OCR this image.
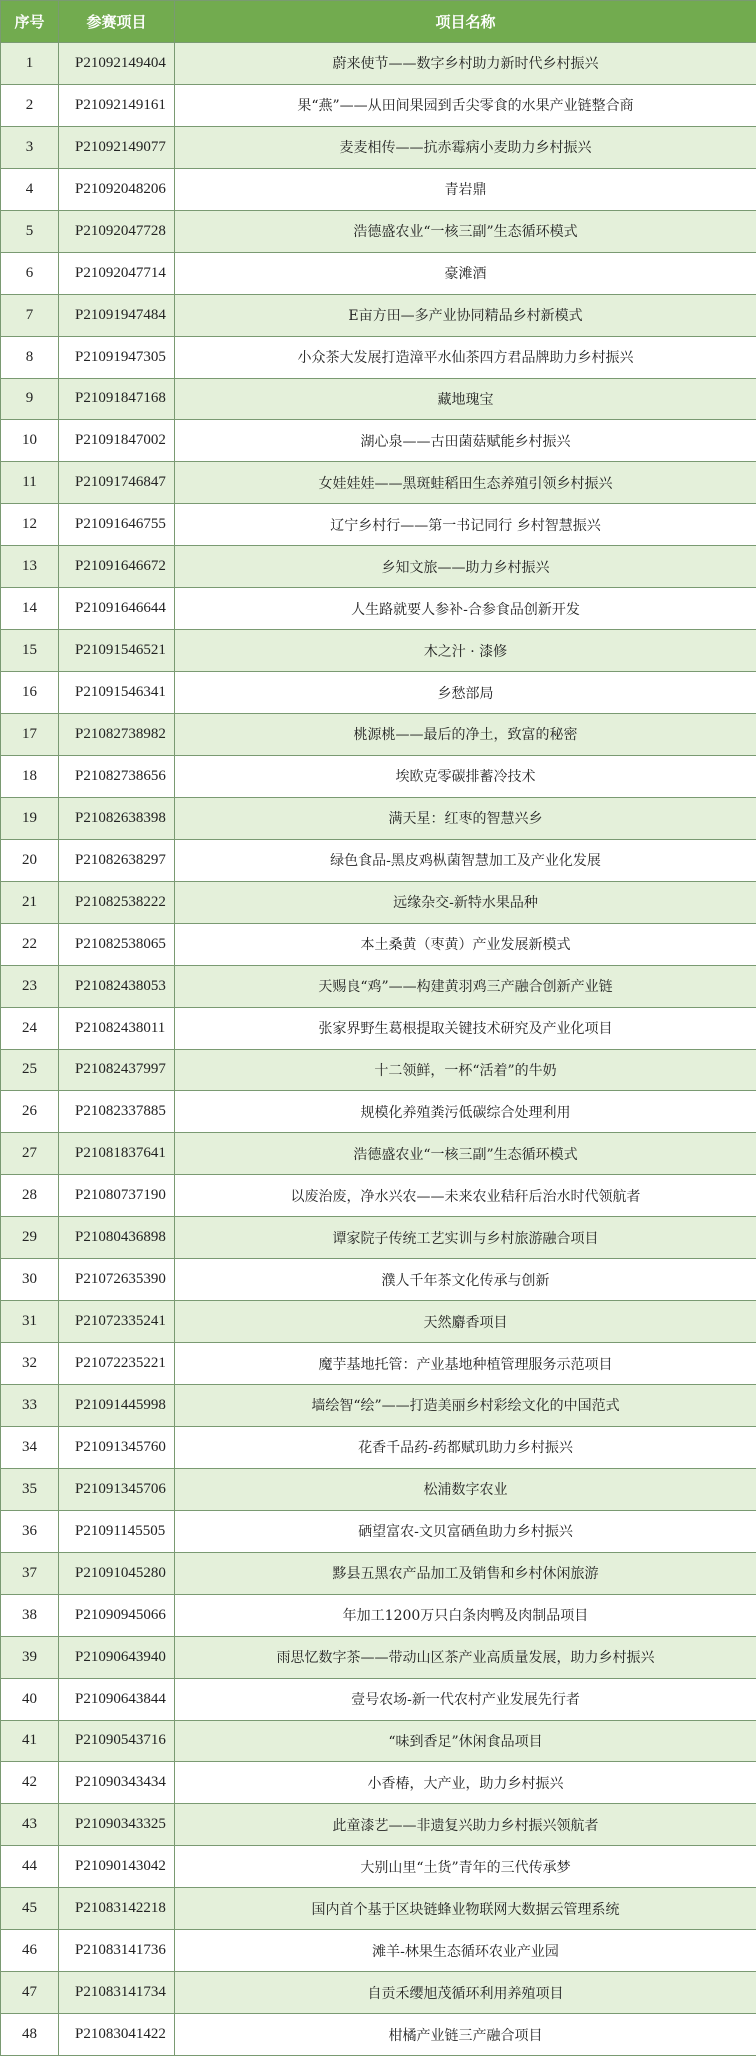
序号	参赛项目	项目名称
1	P21092149404	蔚来使节——数字乡村助力新时代乡村振兴
2	P21092149161	果“燕”——从田间果园到舌尖零食的水果产业链整合商
3	P21092149077	麦麦相传——抗赤霉病小麦助力乡村振兴
4	P21092048206	青岩鼎
5	P21092047728	浩德盛农业“一核三副”生态循环模式
6	P21092047714	豪滩酒
7	P21091947484	E亩方田—多产业协同精品乡村新模式
8	P21091947305	小众茶大发展打造漳平水仙茶四方君品牌助力乡村振兴
9	P21091847168	藏地瑰宝
10	P21091847002	湖心泉——古田菌菇赋能乡村振兴
11	P21091746847	女娃娃娃——黑斑蛙稻田生态养殖引领乡村振兴
12	P21091646755	辽宁乡村行——第一书记同行 乡村智慧振兴
13	P21091646672	乡知文旅——助力乡村振兴
14	P21091646644	人生路就要人参补-合参食品创新开发
15	P21091546521	木之汁 · 漆修
16	P21091546341	乡愁部局
17	P21082738982	桃源桃——最后的净土，致富的秘密
18	P21082738656	埃欧克零碳排蓄冷技术
19	P21082638398	满天星：红枣的智慧兴乡
20	P21082638297	绿色食品-黑皮鸡枞菌智慧加工及产业化发展
21	P21082538222	远缘杂交-新特水果品种
22	P21082538065	本土桑黄（枣黄）产业发展新模式
23	P21082438053	天赐良“鸡”——构建黄羽鸡三产融合创新产业链
24	P21082438011	张家界野生葛根提取关键技术研究及产业化项目
25	P21082437997	十二领鲜，一杯“活着”的牛奶
26	P21082337885	规模化养殖粪污低碳综合处理利用
27	P21081837641	浩德盛农业“一核三副”生态循环模式
28	P21080737190	以废治废，净水兴农——未来农业秸秆后治水时代领航者
29	P21080436898	谭家院子传统工艺实训与乡村旅游融合项目
30	P21072635390	濮人千年茶文化传承与创新
31	P21072335241	天然麝香项目
32	P21072235221	魔芋基地托管：产业基地种植管理服务示范项目
33	P21091445998	墙绘智“绘”——打造美丽乡村彩绘文化的中国范式
34	P21091345760	花香千品药-药都赋玑助力乡村振兴
35	P21091345706	松浦数字农业
36	P21091145505	硒望富农-文贝富硒鱼助力乡村振兴
37	P21091045280	黟县五黑农产品加工及销售和乡村休闲旅游
38	P21090945066	年加工1200万只白条肉鸭及肉制品项目
39	P21090643940	雨思忆数字茶——带动山区茶产业高质量发展，助力乡村振兴
40	P21090643844	壹号农场-新一代农村产业发展先行者
41	P21090543716	“味到香足”休闲食品项目
42	P21090343434	小香椿，大产业，助力乡村振兴
43	P21090343325	此童漆艺——非遗复兴助力乡村振兴领航者
44	P21090143042	大别山里“土货”青年的三代传承梦
45	P21083142218	国内首个基于区块链蜂业物联网大数据云管理系统
46	P21083141736	滩羊-林果生态循环农业产业园
47	P21083141734	自贡禾缨旭茂循环利用养殖项目
48	P21083041422	柑橘产业链三产融合项目
